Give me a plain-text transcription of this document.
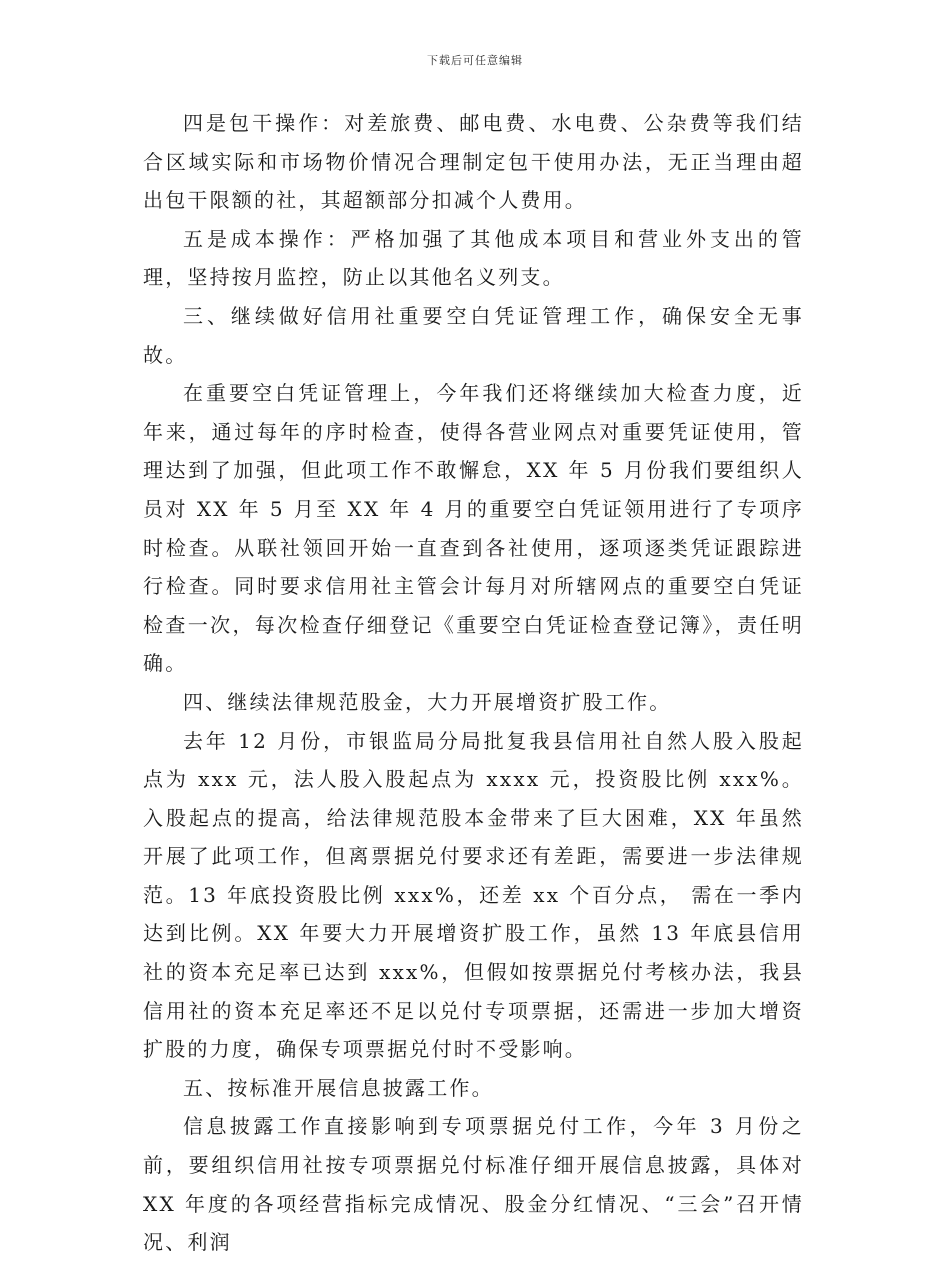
下载后可任意编辑

四是包干操作：对差旅费、邮电费、水电费、公杂费等我们结合区域实际和市场物价情况合理制定包干使用办法，无正当理由超出包干限额的社，其超额部分扣减个人费用。

五是成本操作：严格加强了其他成本项目和营业外支出的管理，坚持按月监控，防止以其他名义列支。

三、继续做好信用社重要空白凭证管理工作，确保安全无事故。

在重要空白凭证管理上，今年我们还将继续加大检查力度，近年来，通过每年的序时检查，使得各营业网点对重要凭证使用，管理达到了加强，但此项工作不敢懈怠，XX 年 5 月份我们要组织人员对 XX 年 5 月至 XX 年 4 月的重要空白凭证领用进行了专项序时检查。从联社领回开始一直查到各社使用，逐项逐类凭证跟踪进行检查。同时要求信用社主管会计每月对所辖网点的重要空白凭证检查一次，每次检查仔细登记《重要空白凭证检查登记簿》，责任明确。

四、继续法律规范股金，大力开展增资扩股工作。

去年 12 月份，市银监局分局批复我县信用社自然人股入股起点为 xxx 元，法人股入股起点为 xxxx 元，投资股比例 xxx%。入股起点的提高，给法律规范股本金带来了巨大困难，XX 年虽然开展了此项工作，但离票据兑付要求还有差距，需要进一步法律规范。13 年底投资股比例 xxx%，还差 xx 个百分点， 需在一季内达到比例。XX 年要大力开展增资扩股工作，虽然 13 年底县信用社的资本充足率已达到 xxx%，但假如按票据兑付考核办法，我县信用社的资本充足率还不足以兑付专项票据，还需进一步加大增资扩股的力度，确保专项票据兑付时不受影响。

五、按标准开展信息披露工作。

信息披露工作直接影响到专项票据兑付工作，今年 3 月份之前，要组织信用社按专项票据兑付标准仔细开展信息披露，具体对 XX 年度的各项经营指标完成情况、股金分红情况、“三会”召开情况、利润
